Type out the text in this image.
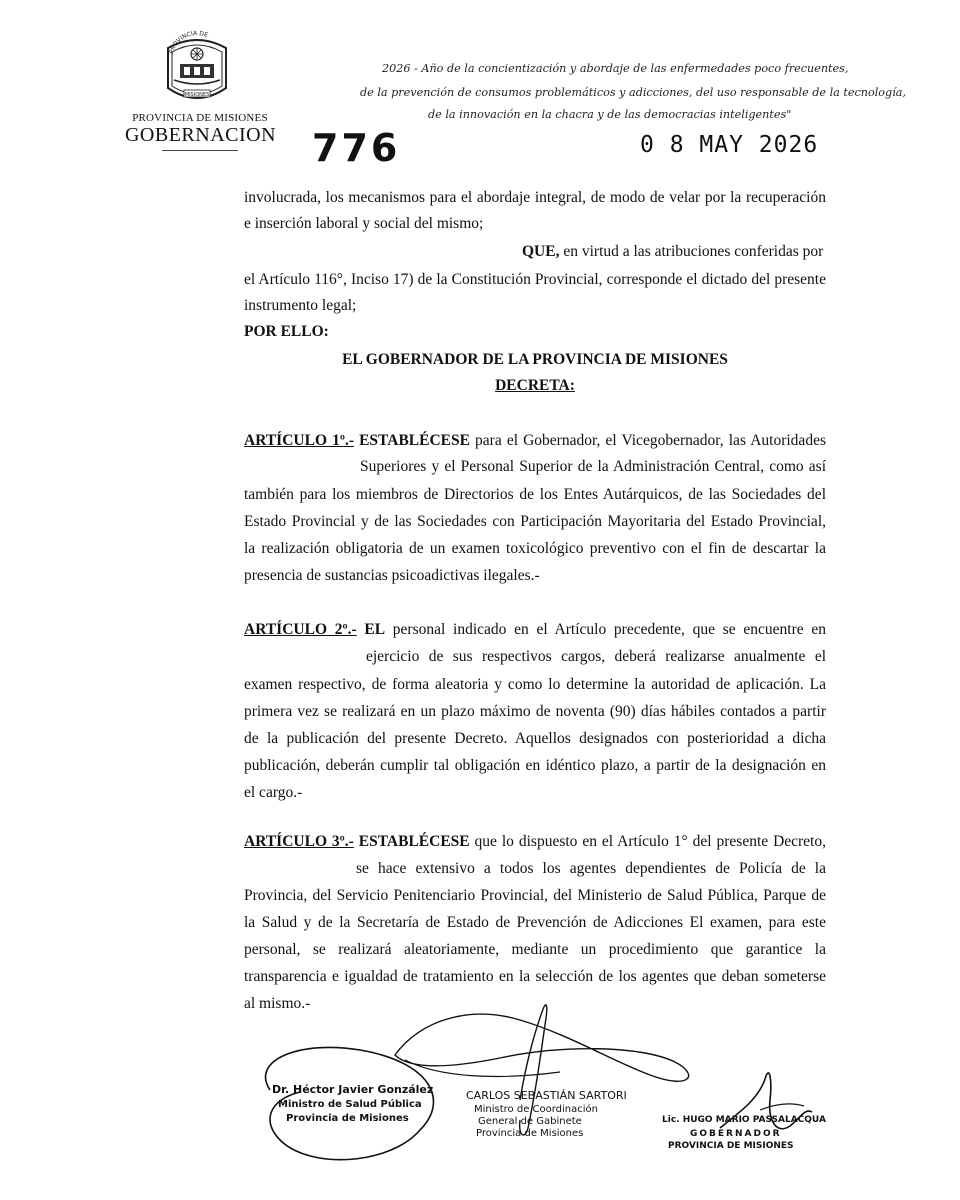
PROVINCIA DE
MISIONES
PROVINCIA DE MISIONES
GOBERNACION
2026 - Año de la concientización y abordaje de las enfermedades poco frecuentes,
de la prevención de consumos problemáticos y adicciones, del uso responsable de la tecnología,
de la innovación en la chacra y de las democracias inteligentes"
776	0 8 MAY 2026
involucrada, los mecanismos para el abordaje integral, de modo de velar por la recuperación
e inserción laboral y social del mismo;
QUE, en virtud a las atribuciones conferidas por
el Artículo 116°, Inciso 17) de la Constitución Provincial, corresponde el dictado del presente
instrumento legal;
POR ELLO:
EL GOBERNADOR DE LA PROVINCIA DE MISIONES
DECRETA:
ARTÍCULO 1º.- ESTABLÉCESE para el Gobernador, el Vicegobernador, las Autoridades
Superiores y el Personal Superior de la Administración Central, como así
también para los miembros de Directorios de los Entes Autárquicos, de las Sociedades del
Estado Provincial y de las Sociedades con Participación Mayoritaria del Estado Provincial,
la realización obligatoria de un examen toxicológico preventivo con el fin de descartar la
presencia de sustancias psicoadictivas ilegales.-
ARTÍCULO 2º.- EL personal indicado en el Artículo precedente, que se encuentre en
ejercicio de sus respectivos cargos, deberá realizarse anualmente el
examen respectivo, de forma aleatoria y como lo determine la autoridad de aplicación. La
primera vez se realizará en un plazo máximo de noventa (90) días hábiles contados a partir
de la publicación del presente Decreto. Aquellos designados con posterioridad a dicha
publicación, deberán cumplir tal obligación en idéntico plazo, a partir de la designación en
el cargo.-
ARTÍCULO 3º.- ESTABLÉCESE que lo dispuesto en el Artículo 1° del presente Decreto,
se hace extensivo a todos los agentes dependientes de Policía de la
Provincia, del Servicio Penitenciario Provincial, del Ministerio de Salud Pública, Parque de
la Salud y de la Secretaría de Estado de Prevención de Adicciones El examen, para este
personal, se realizará aleatoriamente, mediante un procedimiento que garantice la
transparencia e igualdad de tratamiento en la selección de los agentes que deban someterse
al mismo.-
Dr. Héctor Javier González
Ministro de Salud Pública
Provincia de Misiones
CARLOS SEBASTIÁN SARTORI
Ministro de Coordinación
General de Gabinete
Provincia de Misiones
Lic. HUGO MARIO PASSALACQUA
GOBERNADOR
PROVINCIA DE MISIONES
